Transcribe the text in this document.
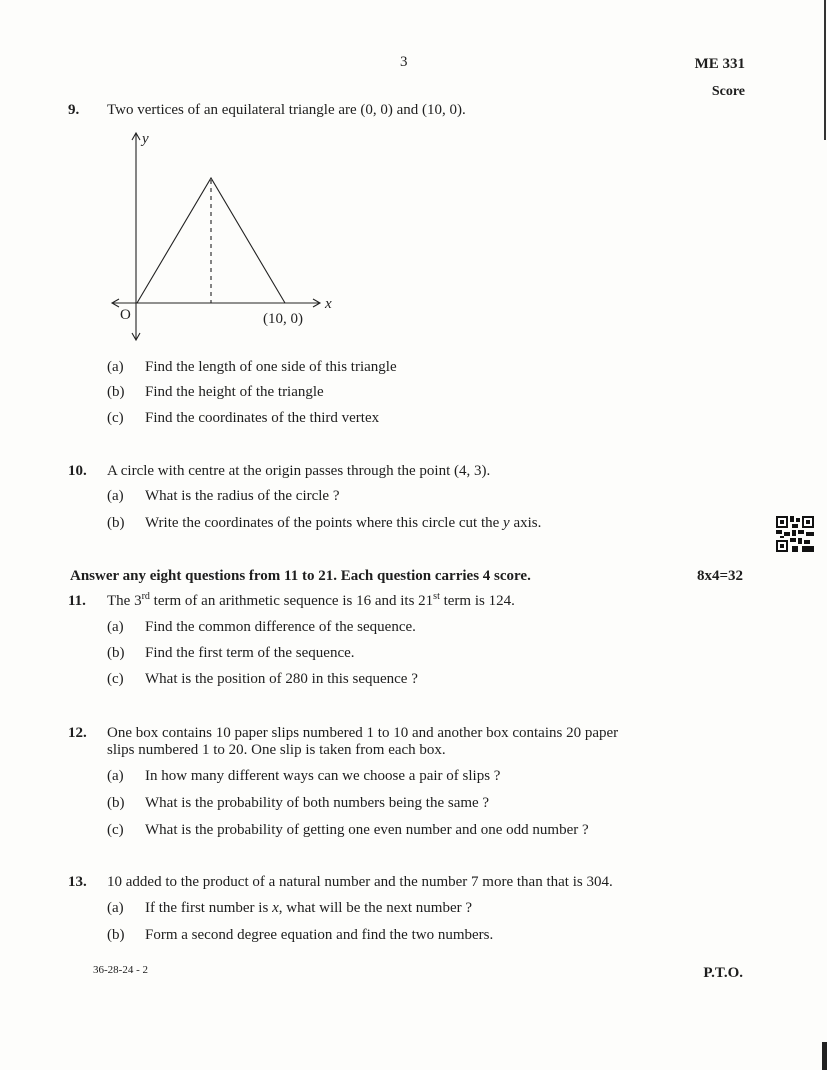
3	ME 331
Score
9. Two vertices of an equilateral triangle are (0, 0) and (10, 0).
y
x
O	(10, 0)
(a) Find the length of one side of this triangle
(b) Find the height of the triangle
(c) Find the coordinates of the third vertex
10. A circle with centre at the origin passes through the point (4, 3).
(a) What is the radius of the circle ?
(b) Write the coordinates of the points where this circle cut the y axis.
Answer any eight questions from 11 to 21. Each question carries 4 score.	8x4=32
11. The 3rd term of an arithmetic sequence is 16 and its 21st term is 124.
(a) Find the common difference of the sequence.
(b) Find the first term of the sequence.
(c) What is the position of 280 in this sequence ?
12. One box contains 10 paper slips numbered 1 to 10 and another box contains 20 paper
slips numbered 1 to 20. One slip is taken from each box.
(a) In how many different ways can we choose a pair of slips ?
(b) What is the probability of both numbers being the same ?
(c) What is the probability of getting one even number and one odd number ?
13. 10 added to the product of a natural number and the number 7 more than that is 304.
(a) If the first number is x, what will be the next number ?
(b) Form a second degree equation and find the two numbers.
36-28-24 - 2	P.T.O.
